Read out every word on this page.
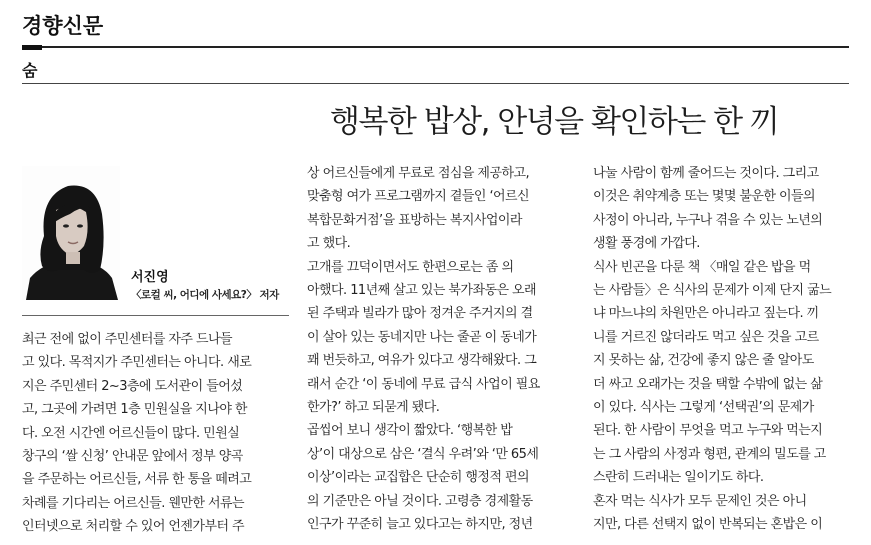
경향신문
숨
행복한 밥상, 안녕을 확인하는 한 끼
서진영
〈로컬 씨, 어디에 사세요?〉 저자

최근 전에 없이 주민센터를 자주 드나들

고 있다. 목적지가 주민센터는 아니다. 새로

지은 주민센터 2~3층에 도서관이 들어섰

고, 그곳에 가려면 1층 민원실을 지나야 한

다. 오전 시간엔 어르신들이 많다. 민원실

창구의 ‘쌀 신청’ 안내문 앞에서 정부 양곡

을 주문하는 어르신들, 서류 한 통을 떼려고

차례를 기다리는 어르신들. 웬만한 서류는

인터넷으로 처리할 수 있어 언젠가부터 주

상 어르신들에게 무료로 점심을 제공하고,

맞춤형 여가 프로그램까지 곁들인 ‘어르신

복합문화거점’을 표방하는 복지사업이라

고 했다.

고개를 끄덕이면서도 한편으로는 좀 의

아했다. 11년째 살고 있는 북가좌동은 오래

된 주택과 빌라가 많아 정겨운 주거지의 결

이 살아 있는 동네지만 나는 줄곧 이 동네가

꽤 번듯하고, 여유가 있다고 생각해왔다. 그

래서 순간 ‘이 동네에 무료 급식 사업이 필요

한가?’ 하고 되묻게 됐다.

곱씹어 보니 생각이 짧았다. ‘행복한 밥

상’이 대상으로 삼은 ‘결식 우려’와 ‘만 65세

이상’이라는 교집합은 단순히 행정적 편의

의 기준만은 아닐 것이다. 고령층 경제활동

인구가 꾸준히 늘고 있다고는 하지만, 정년

나눌 사람이 함께 줄어드는 것이다. 그리고

이것은 취약계층 또는 몇몇 불운한 이들의

사정이 아니라, 누구나 겪을 수 있는 노년의

생활 풍경에 가깝다.

식사 빈곤을 다룬 책 〈매일 같은 밥을 먹

는 사람들〉은 식사의 문제가 이제 단지 굶느

냐 마느냐의 차원만은 아니라고 짚는다. 끼

니를 거르진 않더라도 먹고 싶은 것을 고르

지 못하는 삶, 건강에 좋지 않은 줄 알아도

더 싸고 오래가는 것을 택할 수밖에 없는 삶

이 있다. 식사는 그렇게 ‘선택권’의 문제가

된다. 한 사람이 무엇을 먹고 누구와 먹는지

는 그 사람의 사정과 형편, 관계의 밀도를 고

스란히 드러내는 일이기도 하다.

혼자 먹는 식사가 모두 문제인 것은 아니

지만, 다른 선택지 없이 반복되는 혼밥은 이
